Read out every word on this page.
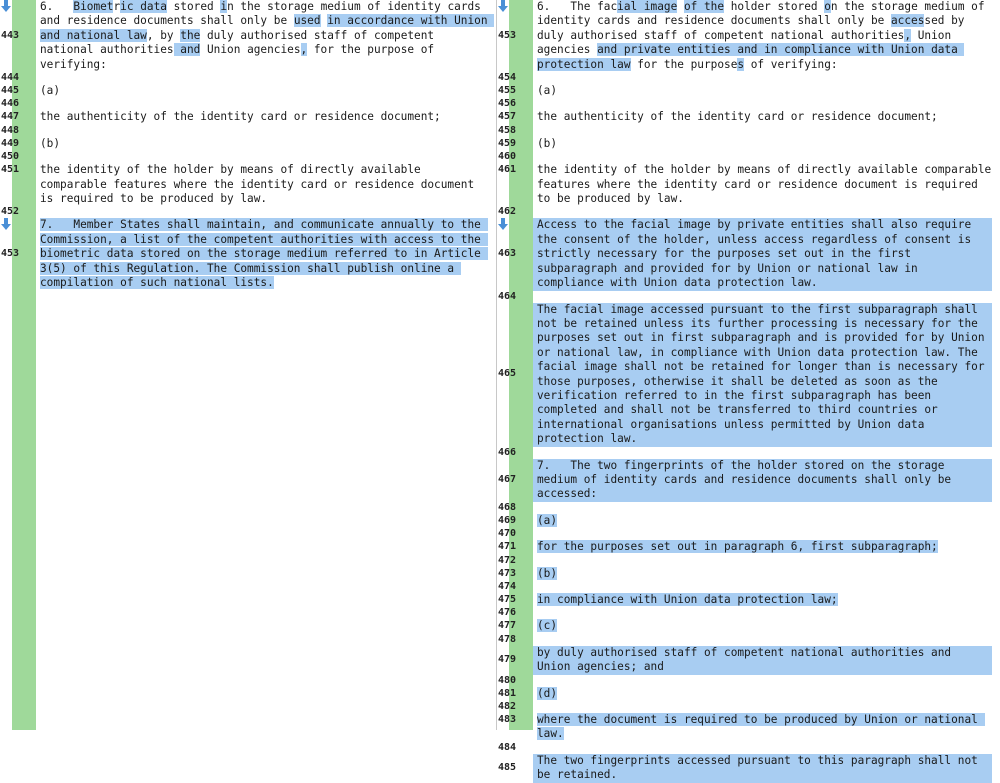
443
6.   Biometric data stored in the storage medium of identity cards and residence documents shall only be used in accordance with Union and national law, by the duly authorised staff of competent national authorities and Union agencies, for the purpose of verifying:
444
445	(a)
446
447	the authenticity of the identity card or residence document;
448
449	(b)
450
451	the identity of the holder by means of directly available comparable features where the identity card or residence document is required to be produced by law.
452
453
7.   Member States shall maintain, and communicate annually to the Commission, a list of the competent authorities with access to the biometric data stored on the storage medium referred to in Article 3(5) of this Regulation. The Commission shall publish online a compilation of such national lists.
453
6.   The facial image of the holder stored on the storage medium of identity cards and residence documents shall only be accessed by duly authorised staff of competent national authorities, Union agencies and private entities and in compliance with Union data protection law for the purposes of verifying:
454
455	(a)
456
457	the authenticity of the identity card or residence document;
458
459	(b)
460
461	the identity of the holder by means of directly available comparable features where the identity card or residence document is required to be produced by law.
462
463
Access to the facial image by private entities shall also require the consent of the holder, unless access regardless of consent is strictly necessary for the purposes set out in the first subparagraph and provided for by Union or national law in compliance with Union data protection law.
464
465
The facial image accessed pursuant to the first subparagraph shall not be retained unless its further processing is necessary for the purposes set out in first subparagraph and is provided for by Union or national law, in compliance with Union data protection law. The facial image shall not be retained for longer than is necessary for those purposes, otherwise it shall be deleted as soon as the verification referred to in the first subparagraph has been completed and shall not be transferred to third countries or international organisations unless permitted by Union data protection law.
466
467
7.   The two fingerprints of the holder stored on the storage medium of identity cards and residence documents shall only be accessed:
468
469	(a)
470
471	for the purposes set out in paragraph 6, first subparagraph;
472
473	(b)
474
475	in compliance with Union data protection law;
476
477	(c)
478
479
by duly authorised staff of competent national authorities and Union agencies; and
480
481	(d)
482
483	where the document is required to be produced by Union or national law.
484
485
The two fingerprints accessed pursuant to this paragraph shall not be retained.
